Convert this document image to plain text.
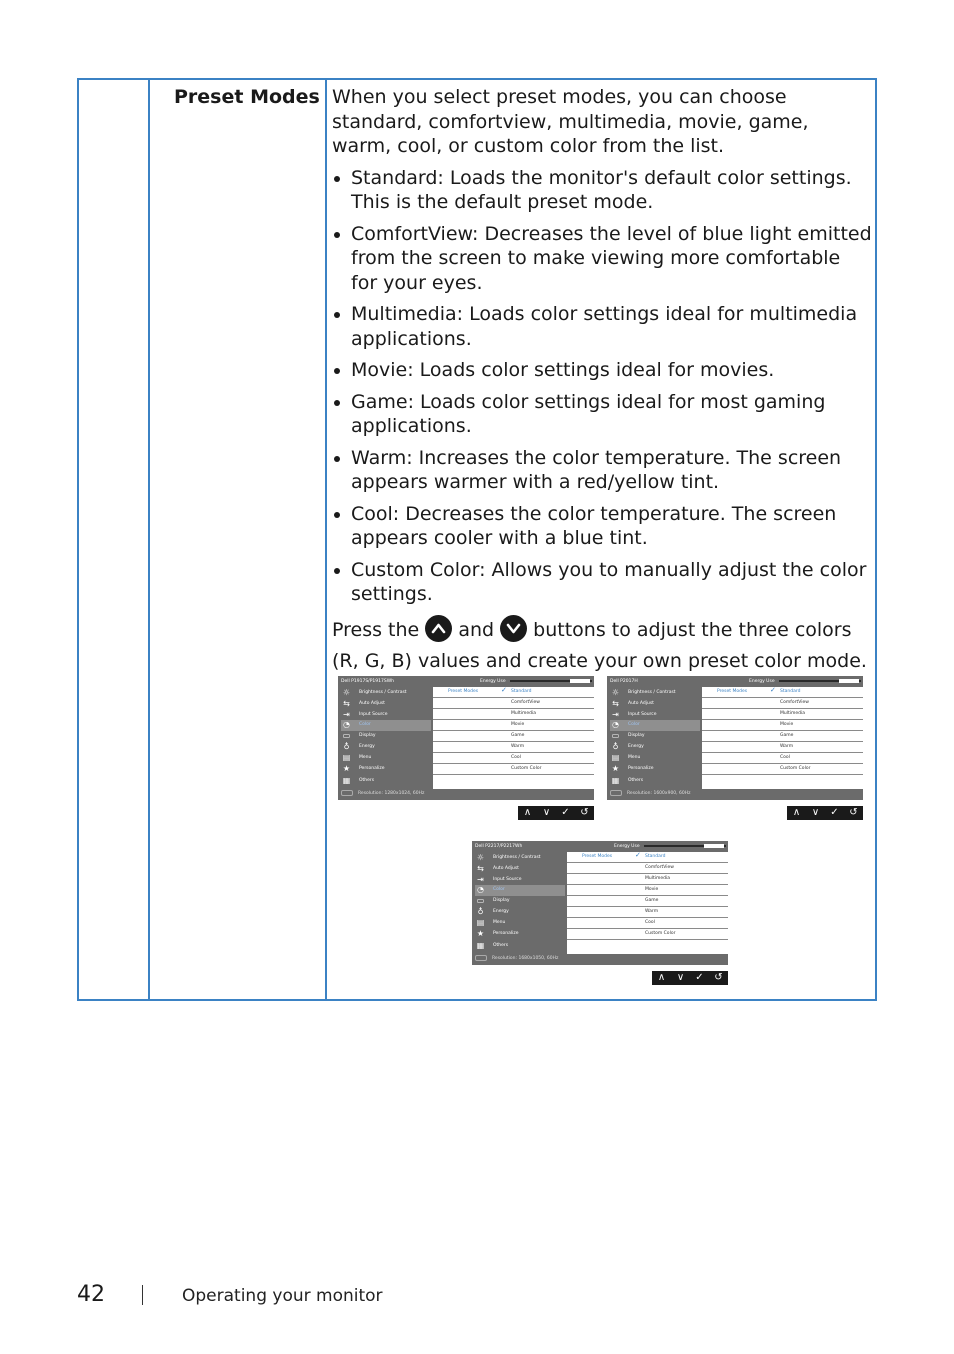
Preset Modes When you select preset modes, you can choose standard, comfortview, multimedia, movie, game, warm, cool, or custom color from the list.

Standard: Loads the monitor's default color settings. This is the default preset mode.
ComfortView: Decreases the level of blue light emitted from the screen to make viewing more comfortable for your eyes.
Multimedia: Loads color settings ideal for multimedia applications.
Movie: Loads color settings ideal for movies.
Game: Loads color settings ideal for most gaming applications.
Warm: Increases the color temperature. The screen appears warmer with a red/yellow tint.
Cool: Decreases the color temperature. The screen appears cooler with a blue tint.
Custom Color: Allows you to manually adjust the color settings.

Press the and buttons to adjust the three colors (R, G, B) values and create your own preset color mode.

Dell P1917S/P1917SWh	Energy Use
☼	Brightness / Contrast
⇆	Auto Adjust
⇥	Input Source
◔	Color
▭	Display
♁	Energy
▤	Menu
★	Personalize
▦	Others
Preset Modes	✓ Standard
ComfortView
Multimedia
Movie
Game
Warm
Cool
Custom Color
Resolution: 1280x1024, 60Hz
∧	∨	✓	↺
Dell P2017H	Energy Use
☼	Brightness / Contrast
⇆	Auto Adjust
⇥	Input Source
◔	Color
▭	Display
♁	Energy
▤	Menu
★	Personalize
▦	Others
Preset Modes	✓ Standard
ComfortView
Multimedia
Movie
Game
Warm
Cool
Custom Color
Resolution: 1600x900, 60Hz
∧	∨	✓	↺
Dell P2217/P2217Wh	Energy Use
☼	Brightness / Contrast
⇆	Auto Adjust
⇥	Input Source
◔	Color
▭	Display
♁	Energy
▤	Menu
★	Personalize
▦	Others
Preset Modes	✓ Standard
ComfortView
Multimedia
Movie
Game
Warm
Cool
Custom Color
Resolution: 1680x1050, 60Hz
∧	∨	✓	↺
42	Operating your monitor
